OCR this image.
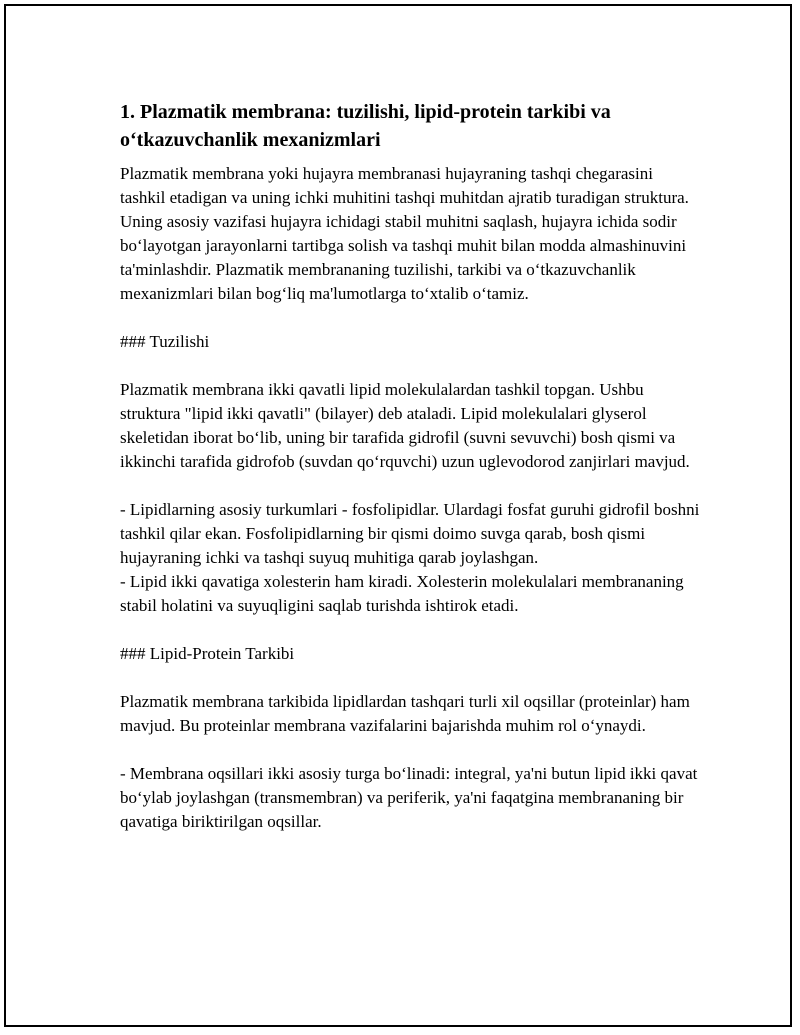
1. Plazmatik membrana: tuzilishi, lipid-protein tarkibi va o‘tkazuvchanlik mexanizmlari

Plazmatik membrana yoki hujayra membranasi hujayraning tashqi chegarasini tashkil etadigan va uning ichki muhitini tashqi muhitdan ajratib turadigan struktura. Uning asosiy vazifasi hujayra ichidagi stabil muhitni saqlash, hujayra ichida sodir bo‘layotgan jarayonlarni tartibga solish va tashqi muhit bilan modda almashinuvini ta'minlashdir. Plazmatik membrananing tuzilishi, tarkibi va o‘tkazuvchanlik mexanizmlari bilan bog‘liq ma'lumotlarga to‘xtalib o‘tamiz.

### Tuzilishi

Plazmatik membrana ikki qavatli lipid molekulalardan tashkil topgan. Ushbu struktura "lipid ikki qavatli" (bilayer) deb ataladi. Lipid molekulalari glyserol skeletidan iborat bo‘lib, uning bir tarafida gidrofil (suvni sevuvchi) bosh qismi va ikkinchi tarafida gidrofob (suvdan qo‘rquvchi) uzun uglevodorod zanjirlari mavjud.

- Lipidlarning asosiy turkumlari - fosfolipidlar. Ulardagi fosfat guruhi gidrofil boshni tashkil qilar ekan. Fosfolipidlarning bir qismi doimo suvga qarab, bosh qismi hujayraning ichki va tashqi suyuq muhitiga qarab joylashgan.
- Lipid ikki qavatiga xolesterin ham kiradi. Xolesterin molekulalari membrananing stabil holatini va suyuqligini saqlab turishda ishtirok etadi.

### Lipid-Protein Tarkibi

Plazmatik membrana tarkibida lipidlardan tashqari turli xil oqsillar (proteinlar) ham mavjud. Bu proteinlar membrana vazifalarini bajarishda muhim rol o‘ynaydi.

- Membrana oqsillari ikki asosiy turga bo‘linadi: integral, ya'ni butun lipid ikki qavat bo‘ylab joylashgan (transmembran) va periferik, ya'ni faqatgina membrananing bir qavatiga biriktirilgan oqsillar.
